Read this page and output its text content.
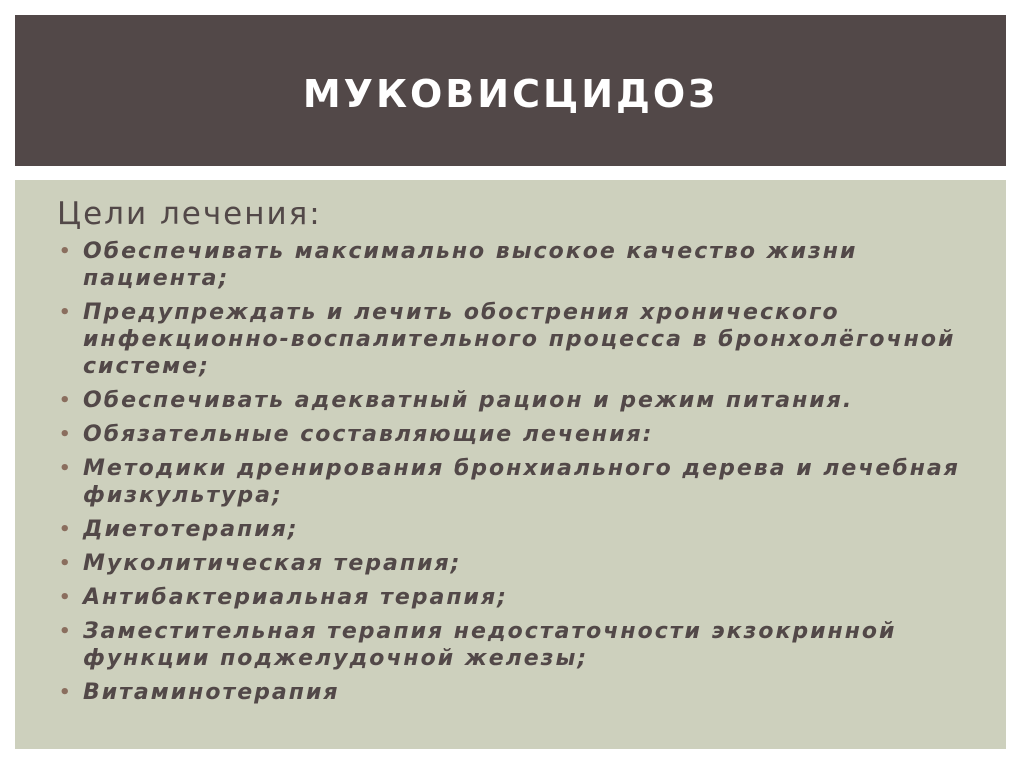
МУКОВИСЦИДОЗ
Цели лечения:
• Обеспечивать максимально высокое качество жизни пациента;
• Предупреждать и лечить обострения хронического инфекционно-воспалительного процесса в бронхолёгочной системе;
• Обеспечивать адекватный рацион и режим питания.
• Обязательные составляющие лечения:
• Методики дренирования бронхиального дерева и лечебная физкультура;
• Диетотерапия;
• Муколитическая терапия;
• Антибактериальная терапия;
• Заместительная терапия недостаточности экзокринной функции поджелудочной железы;
• Витаминотерапия
